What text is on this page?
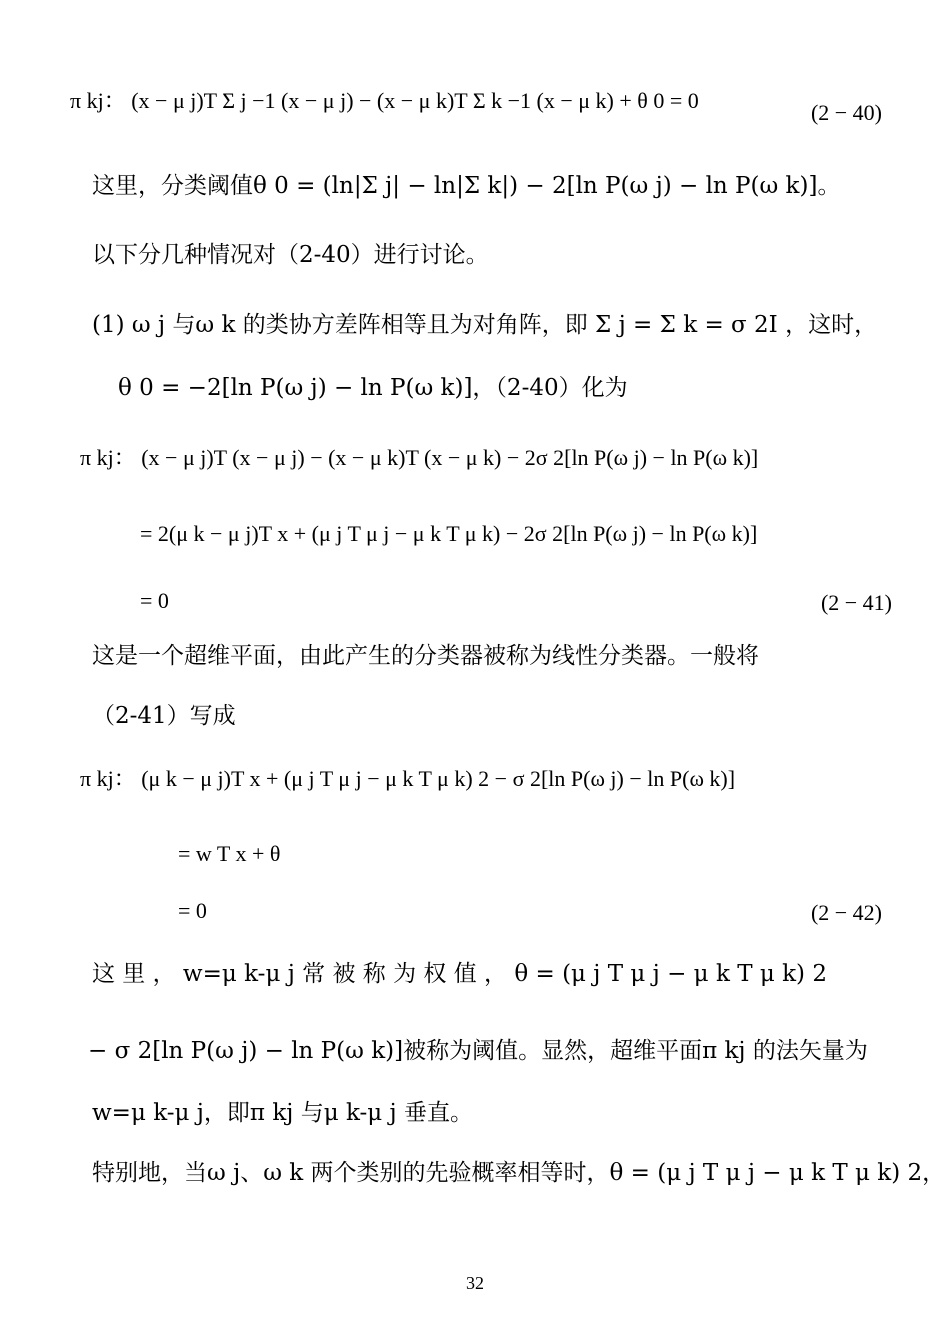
π kj： (x − μ j)T Σ j −1 (x − μ j) − (x − μ k)T Σ k −1 (x − μ k) + θ 0 = 0	(2 − 40)
这里，分类阈值θ 0 = (ln|Σ j| − ln|Σ k|) − 2[ln P(ω j) − ln P(ω k)]。
以下分几种情况对（2-40）进行讨论。
(1) ω j 与ω k 的类协方差阵相等且为对角阵，即 Σ j = Σ k = σ 2I ，这时，
θ 0 = −2[ln P(ω j) − ln P(ω k)]，（2-40）化为
π kj： (x − μ j)T (x − μ j) − (x − μ k)T (x − μ k) − 2σ 2[ln P(ω j) − ln P(ω k)]
= 2(μ k − μ j)T x + (μ j T μ j − μ k T μ k) − 2σ 2[ln P(ω j) − ln P(ω k)]
= 0	(2 − 41)
这是一个超维平面，由此产生的分类器被称为线性分类器。一般将
（2-41）写成
π kj： (μ k − μ j)T x + (μ j T μ j − μ k T μ k) 2 − σ 2[ln P(ω j) − ln P(ω k)]
= w T x + θ
= 0	(2 − 42)
这 里 ， w=μ k-μ j 常 被 称 为 权 值 ， θ = (μ j T μ j − μ k T μ k) 2
− σ 2[ln P(ω j) − ln P(ω k)]被称为阈值。显然，超维平面π kj 的法矢量为
w=μ k-μ j，即π kj 与μ k-μ j 垂直。
特别地，当ω j、ω k 两个类别的先验概率相等时，θ = (μ j T μ j − μ k T μ k) 2，
32
